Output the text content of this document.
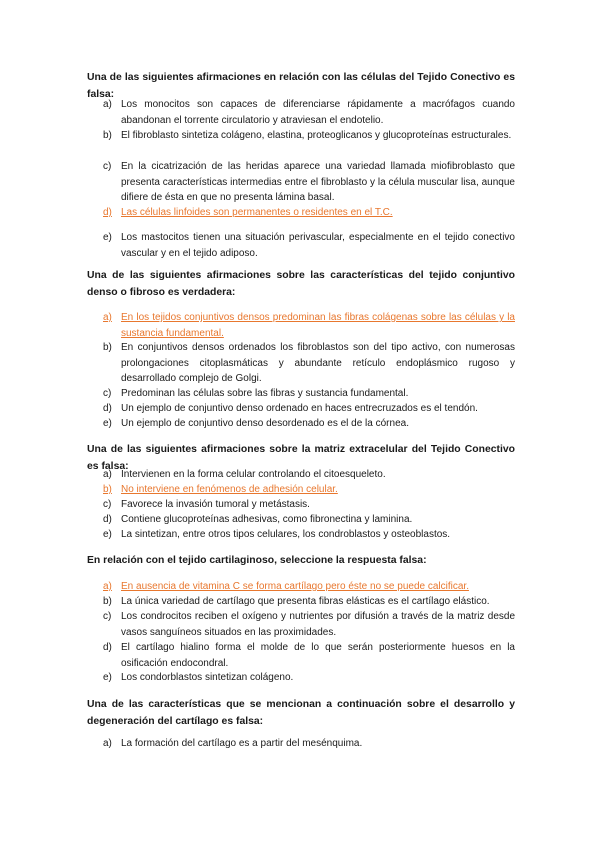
Una de las siguientes afirmaciones en relación con las células del Tejido Conectivo es falsa:

a) Los monocitos son capaces de diferenciarse rápidamente a macrófagos cuando abandonan el torrente circulatorio y atraviesan el endotelio.
b) El fibroblasto sintetiza colágeno, elastina, proteoglicanos y glucoproteínas estructurales.
c) En la cicatrización de las heridas aparece una variedad llamada miofibroblasto que presenta características intermedias entre el fibroblasto y la célula muscular lisa, aunque difiere de ésta en que no presenta lámina basal.
d) Las células linfoides son permanentes o residentes en el T.C.
e) Los mastocitos tienen una situación perivascular, especialmente en el tejido conectivo vascular y en el tejido adiposo.

Una de las siguientes afirmaciones sobre las características del tejido conjuntivo denso o fibroso es verdadera:

a) En los tejidos conjuntivos densos predominan las fibras colágenas sobre las células y la sustancia fundamental.
b) En conjuntivos densos ordenados los fibroblastos son del tipo activo, con numerosas prolongaciones citoplasmáticas y abundante retículo endoplásmico rugoso y desarrollado complejo de Golgi.
c) Predominan las células sobre las fibras y sustancia fundamental.
d) Un ejemplo de conjuntivo denso ordenado en haces entrecruzados es el tendón.
e) Un ejemplo de conjuntivo denso desordenado es el de la córnea.

Una de las siguientes afirmaciones sobre la matriz extracelular del Tejido Conectivo es falsa:

a) Intervienen en la forma celular controlando el citoesqueleto.
b) No interviene en fenómenos de adhesión celular.
c) Favorece la invasión tumoral y metástasis.
d) Contiene glucoproteínas adhesivas, como fibronectina y laminina.
e) La sintetizan, entre otros tipos celulares, los condroblastos y osteoblastos.

En relación con el tejido cartilaginoso, seleccione la respuesta falsa:

a) En ausencia de vitamina C se forma cartílago pero éste no se puede calcificar.
b) La única variedad de cartílago que presenta fibras elásticas es el cartílago elástico.
c) Los condrocitos reciben el oxígeno y nutrientes por difusión a través de la matriz desde vasos sanguíneos situados en las proximidades.
d) El cartílago hialino forma el molde de lo que serán posteriormente huesos en la osificación endocondral.
e) Los condorblastos sintetizan colágeno.

Una de las características que se mencionan a continuación sobre el desarrollo y degeneración del cartílago es falsa:

a) La formación del cartílago es a partir del mesénquima.
